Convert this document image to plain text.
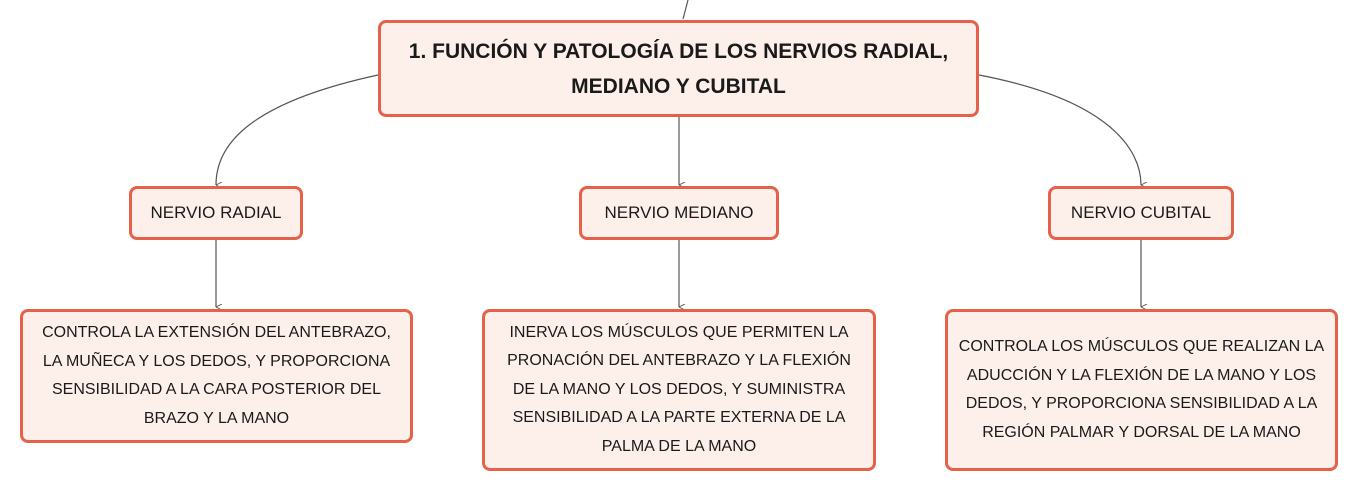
1. FUNCIÓN Y PATOLOGÍA DE LOS NERVIOS RADIAL, MEDIANO Y CUBITAL
NERVIO RADIAL	NERVIO MEDIANO	NERVIO CUBITAL
CONTROLA LA EXTENSIÓN DEL ANTEBRAZO, LA MUÑECA Y LOS DEDOS, Y PROPORCIONA SENSIBILIDAD A LA CARA POSTERIOR DEL BRAZO Y LA MANO
INERVA LOS MÚSCULOS QUE PERMITEN LA PRONACIÓN DEL ANTEBRAZO Y LA FLEXIÓN DE LA MANO Y LOS DEDOS, Y SUMINISTRA SENSIBILIDAD A LA PARTE EXTERNA DE LA PALMA DE LA MANO
CONTROLA LOS MÚSCULOS QUE REALIZAN LA ADUCCIÓN Y LA FLEXIÓN DE LA MANO Y LOS DEDOS, Y PROPORCIONA SENSIBILIDAD A LA REGIÓN PALMAR Y DORSAL DE LA MANO
